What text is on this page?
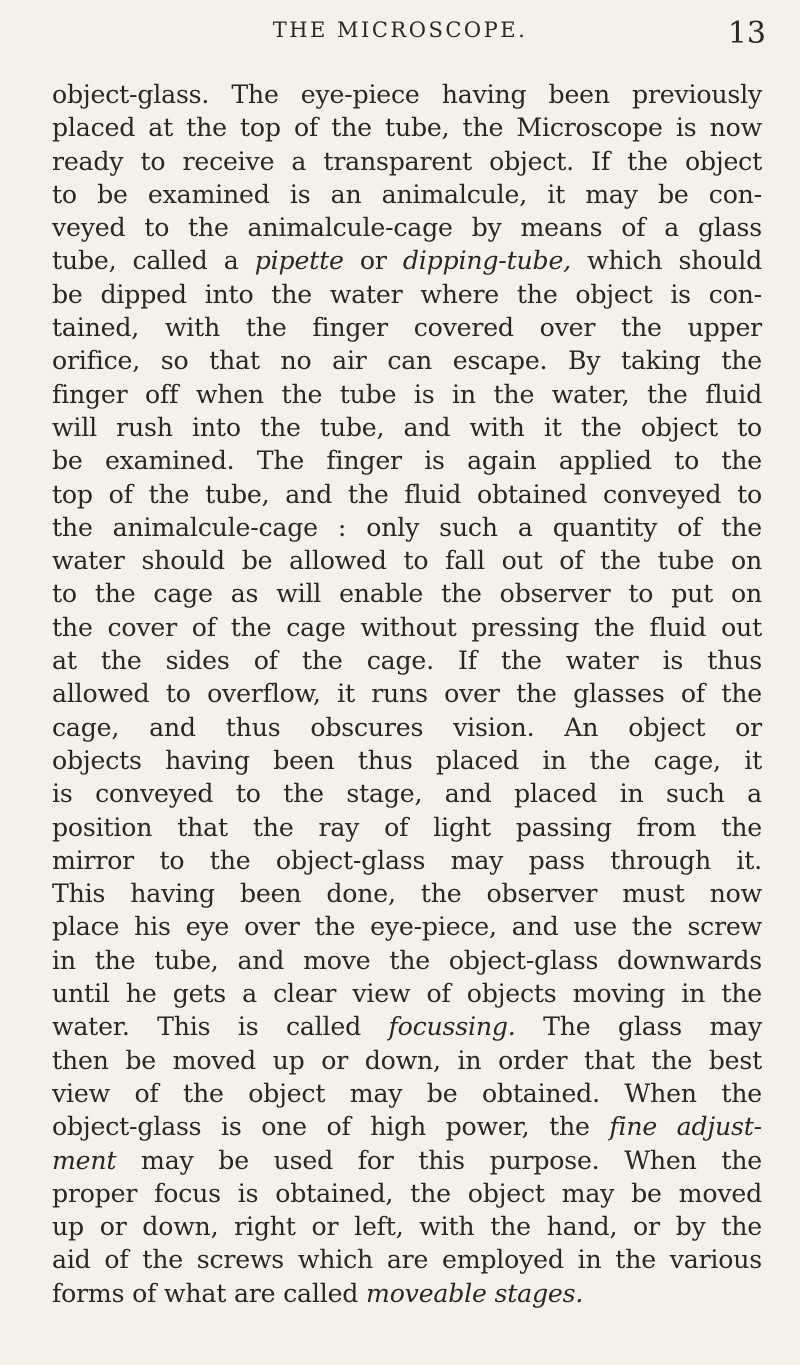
THE MICROSCOPE.	13
object-glass. The eye-piece having been previously
placed at the top of the tube, the Microscope is now
ready to receive a transparent object. If the object
to be examined is an animalcule, it may be con-
veyed to the animalcule-cage by means of a glass
tube, called a pipette or dipping-tube, which should
be dipped into the water where the object is con-
tained, with the finger covered over the upper
orifice, so that no air can escape. By taking the
finger off when the tube is in the water, the fluid
will rush into the tube, and with it the object to
be examined. The finger is again applied to the
top of the tube, and the fluid obtained conveyed to
the animalcule-cage : only such a quantity of the
water should be allowed to fall out of the tube on
to the cage as will enable the observer to put on
the cover of the cage without pressing the fluid out
at the sides of the cage. If the water is thus
allowed to overflow, it runs over the glasses of the
cage, and thus obscures vision. An object or
objects having been thus placed in the cage, it
is conveyed to the stage, and placed in such a
position that the ray of light passing from the
mirror to the object-glass may pass through it.
This having been done, the observer must now
place his eye over the eye-piece, and use the screw
in the tube, and move the object-glass downwards
until he gets a clear view of objects moving in the
water. This is called focussing. The glass may
then be moved up or down, in order that the best
view of the object may be obtained. When the
object-glass is one of high power, the fine adjust-
ment may be used for this purpose. When the
proper focus is obtained, the object may be moved
up or down, right or left, with the hand, or by the
aid of the screws which are employed in the various
forms of what are called moveable stages.
